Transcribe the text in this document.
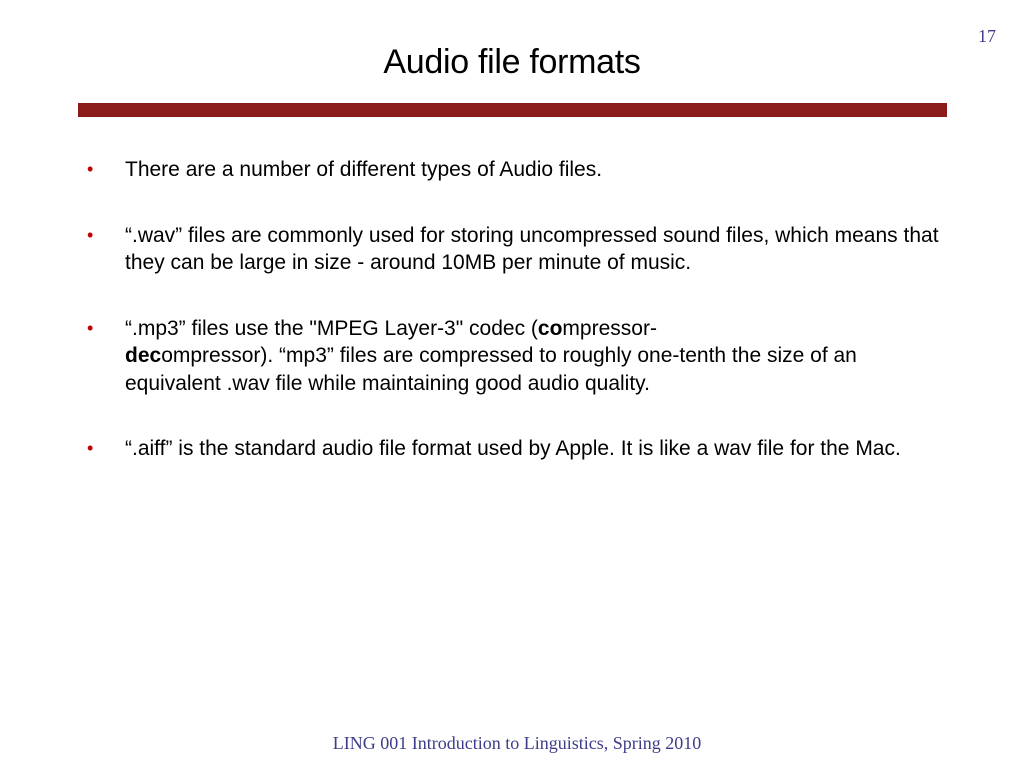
17
Audio file formats
• There are a number of different types of Audio files.
• “.wav” files are commonly used for storing uncompressed sound files, which means that they can be large in size - around 10MB per minute of music.
• “.mp3” files use the "MPEG Layer-3" codec (compressor-
decompressor). “mp3” files are compressed to roughly one-tenth the size of an equivalent .wav file while maintaining good audio quality.
• “.aiff” is the standard audio file format used by Apple. It is like a wav file for the Mac.
LING 001 Introduction to Linguistics, Spring 2010
